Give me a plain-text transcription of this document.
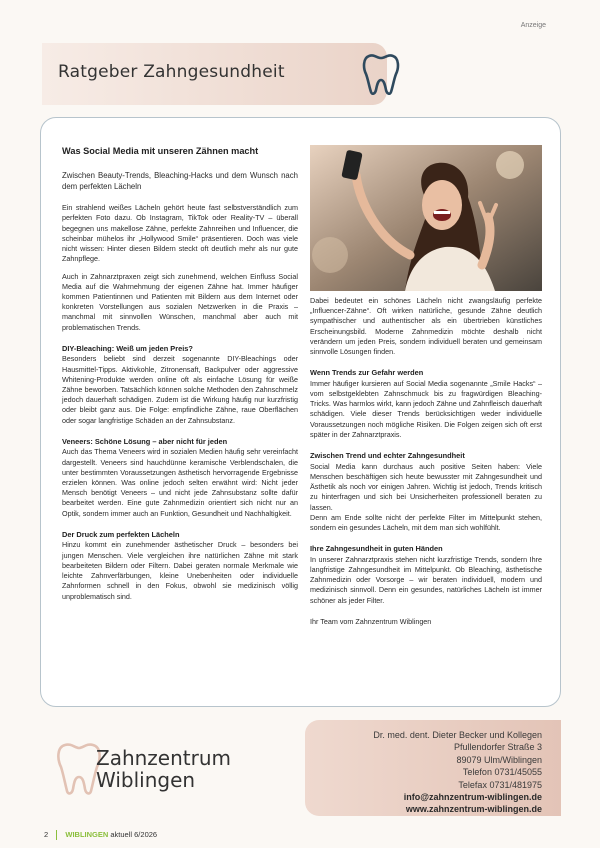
Anzeige
Ratgeber Zahngesundheit
Was Social Media mit unseren Zähnen macht

Zwischen Beauty-Trends, Bleaching-Hacks und dem Wunsch nach dem perfekten Lächeln

Ein strahlend weißes Lächeln gehört heute fast selbstverständlich zum perfekten Foto dazu. Ob Instagram, TikTok oder Reality-TV – überall begegnen uns makellose Zähne, perfekte Zahnreihen und Influencer, die scheinbar mühelos ihr „Hollywood Smile“ präsentieren. Doch was viele nicht wissen: Hinter diesen Bildern steckt oft deutlich mehr als nur gute Zahnpflege.

Auch in Zahnarztpraxen zeigt sich zunehmend, welchen Einfluss Social Media auf die Wahrnehmung der eigenen Zähne hat. Immer häufiger kommen Patientinnen und Patienten mit Bildern aus dem Internet oder konkreten Vorstellungen aus sozialen Netzwerken in die Praxis – manchmal mit sinnvollen Wünschen, manchmal aber auch mit problematischen Trends.

DIY-Bleaching: Weiß um jeden Preis?

Besonders beliebt sind derzeit sogenannte DIY-Bleachings oder Hausmittel-Tipps. Aktivkohle, Zitronensaft, Backpulver oder aggressive Whitening-Produkte werden online oft als einfache Lösung für weiße Zähne beworben. Tatsächlich können solche Methoden den Zahnschmelz jedoch dauerhaft schädigen. Zudem ist die Wirkung häufig nur kurzfristig oder bleibt ganz aus. Die Folge: empfindliche Zähne, raue Oberflächen oder sogar langfristige Schäden an der Zahnsubstanz.

Veneers: Schöne Lösung – aber nicht für jeden

Auch das Thema Veneers wird in sozialen Medien häufig sehr vereinfacht dargestellt. Veneers sind hauchdünne keramische Verblendschalen, die unter bestimmten Voraussetzungen ästhetisch hervorragende Ergebnisse erzielen können. Was online jedoch selten erwähnt wird: Nicht jeder Mensch benötigt Veneers – und nicht jede Zahnsubstanz sollte dafür bearbeitet werden. Eine gute Zahnmedizin orientiert sich nicht nur an Optik, sondern immer auch an Funktion, Gesundheit und Nachhaltigkeit.

Der Druck zum perfekten Lächeln

Hinzu kommt ein zunehmender ästhetischer Druck – besonders bei jungen Menschen. Viele vergleichen ihre natürlichen Zähne mit stark bearbeiteten Bildern oder Filtern. Dabei geraten normale Merkmale wie leichte Zahnverfärbungen, kleine Unebenheiten oder individuelle Zahnformen schnell in den Fokus, obwohl sie medizinisch völlig unproblematisch sind.

Dabei bedeutet ein schönes Lächeln nicht zwangsläufig perfekte „Influencer-Zähne“. Oft wirken natürliche, gesunde Zähne deutlich sympathischer und authentischer als ein übertrieben künstliches Erscheinungsbild. Moderne Zahnmedizin möchte deshalb nicht verändern um jeden Preis, sondern individuell beraten und gemeinsam sinnvolle Lösungen finden.

Wenn Trends zur Gefahr werden

Immer häufiger kursieren auf Social Media sogenannte „Smile Hacks“ – vom selbstgeklebten Zahnschmuck bis zu fragwürdigen Bleaching-Tricks. Was harmlos wirkt, kann jedoch Zähne und Zahnfleisch dauerhaft schädigen. Viele dieser Trends berücksichtigen weder individuelle Voraussetzungen noch mögliche Risiken. Die Folgen zeigen sich oft erst später in der Zahnarztpraxis.

Zwischen Trend und echter Zahngesundheit

Social Media kann durchaus auch positive Seiten haben: Viele Menschen beschäftigen sich heute bewusster mit Zahngesundheit und Ästhetik als noch vor einigen Jahren. Wichtig ist jedoch, Trends kritisch zu hinterfragen und sich bei Unsicherheiten professionell beraten zu lassen.

Denn am Ende sollte nicht der perfekte Filter im Mittelpunkt stehen, sondern ein gesundes Lächeln, mit dem man sich wohlfühlt.

Ihre Zahngesundheit in guten Händen

In unserer Zahnarztpraxis stehen nicht kurzfristige Trends, sondern Ihre langfristige Zahngesundheit im Mittelpunkt. Ob Bleaching, ästhetische Zahnmedizin oder Vorsorge – wir beraten individuell, modern und medizinisch sinnvoll. Denn ein gesundes, natürliches Lächeln ist immer schöner als jeder Filter.

Ihr Team vom Zahnzentrum Wiblingen

Zahnzentrum
Wiblingen
Dr. med. dent. Dieter Becker und Kollegen
Pfullendorfer Straße 3
89079 Ulm/Wiblingen
Telefon 0731/45055
Telefax 0731/481975
info@zahnzentrum-wiblingen.de
www.zahnzentrum-wiblingen.de
2 WIBLINGEN aktuell 6/2026
